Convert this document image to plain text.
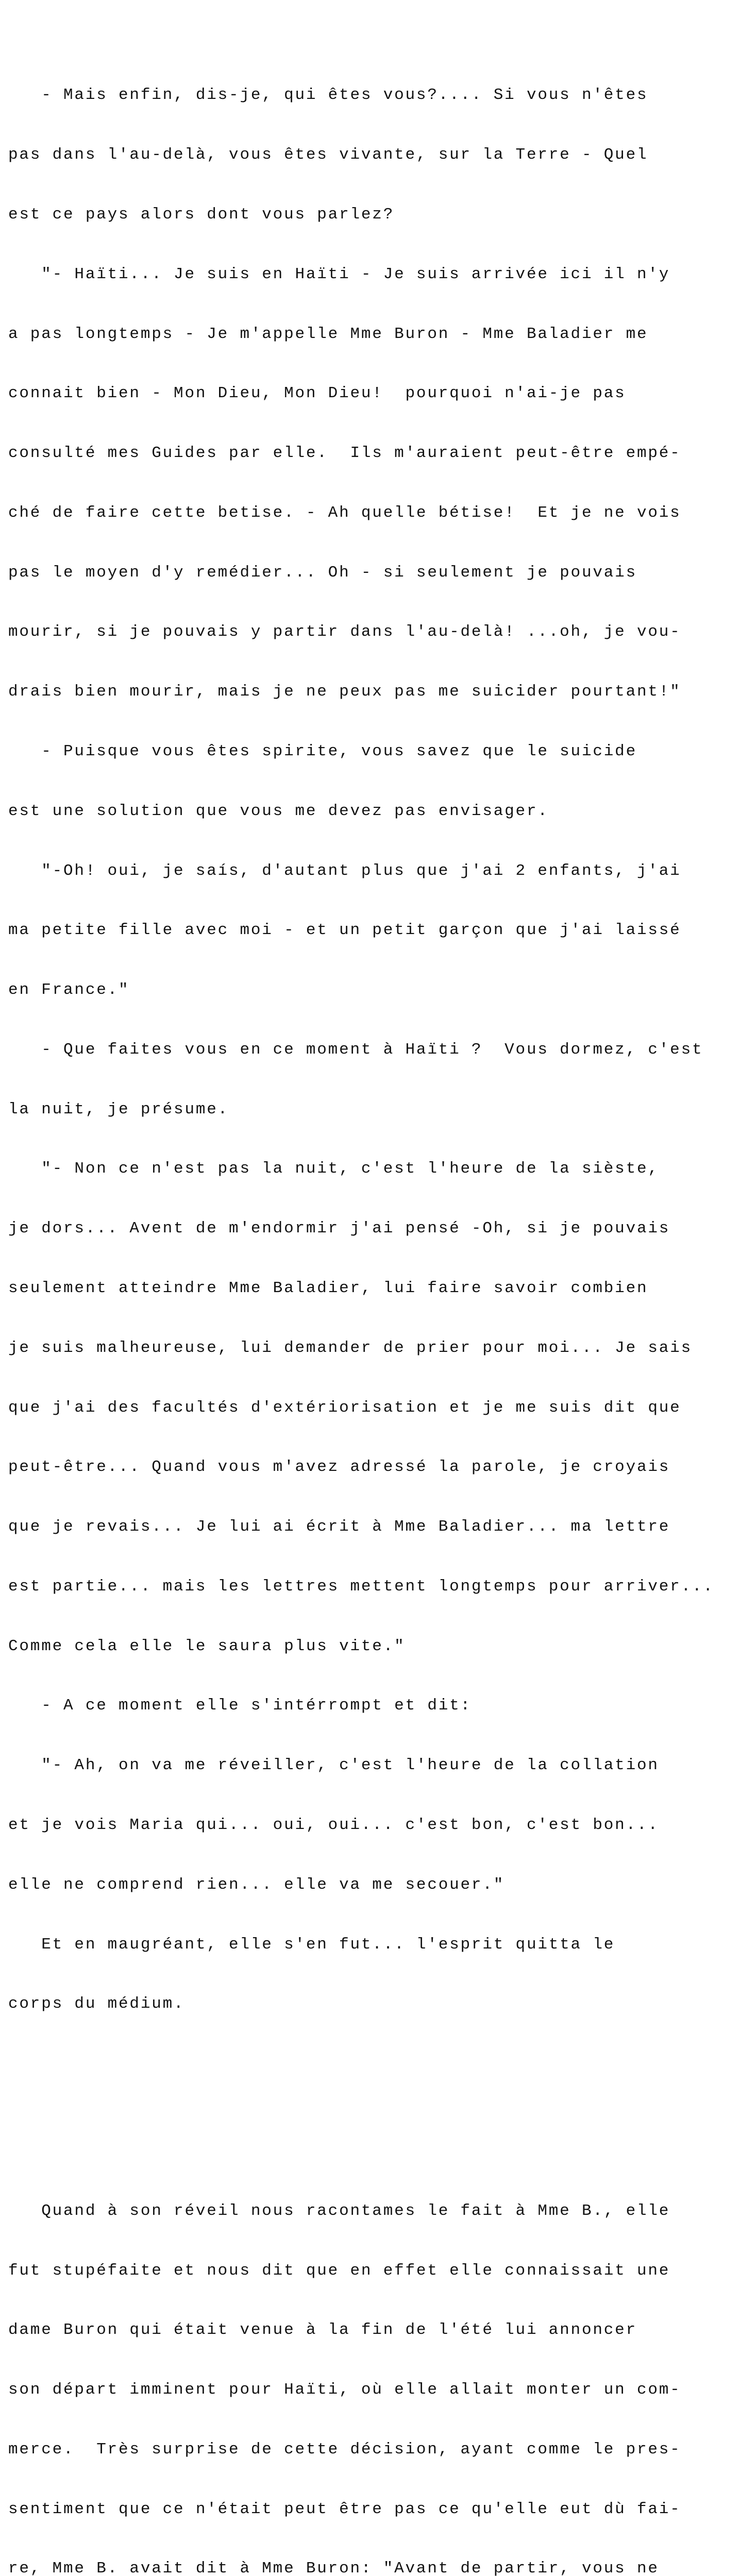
- Mais enfin, dis-je, qui êtes vous?.... Si vous n'êtes

pas dans l'au-delà, vous êtes vivante, sur la Terre - Quel

est ce pays alors dont vous parlez?

"- Haïti... Je suis en Haïti - Je suis arrivée ici il n'y

a pas longtemps - Je m'appelle Mme Buron - Mme Baladier me

connait bien - Mon Dieu, Mon Dieu!  pourquoi n'ai-je pas

consulté mes Guides par elle.  Ils m'auraient peut-être empé-

ché de faire cette betise. - Ah quelle bétise!  Et je ne vois

pas le moyen d'y remédier... Oh - si seulement je pouvais

mourir, si je pouvais y partir dans l'au-delà! ...oh, je vou-

drais bien mourir, mais je ne peux pas me suicider pourtant!"

- Puisque vous êtes spirite, vous savez que le suicide

est une solution que vous me devez pas envisager.

"-Oh! oui, je saís, d'autant plus que j'ai 2 enfants, j'ai

ma petite fille avec moi - et un petit garçon que j'ai laissé

en France."

- Que faites vous en ce moment à Haïti ?  Vous dormez, c'est

la nuit, je présume.

"- Non ce n'est pas la nuit, c'est l'heure de la sièste,

je dors... Avent de m'endormir j'ai pensé -Oh, si je pouvais

seulement atteindre Mme Baladier, lui faire savoir combien

je suis malheureuse, lui demander de prier pour moi... Je sais

que j'ai des facultés d'extériorisation et je me suis dit que

peut-être... Quand vous m'avez adressé la parole, je croyais

que je revais... Je lui ai écrit à Mme Baladier... ma lettre

est partie... mais les lettres mettent longtemps pour arriver...

Comme cela elle le saura plus vite."

- A ce moment elle s'intérrompt et dit:

"- Ah, on va me réveiller, c'est l'heure de la collation

et je vois Maria qui... oui, oui... c'est bon, c'est bon...

elle ne comprend rien... elle va me secouer."

Et en maugréant, elle s'en fut... l'esprit quitta le

corps du médium.

Quand à son réveil nous racontames le fait à Mme B., elle

fut stupéfaite et nous dit que en effet elle connaissait une

dame Buron qui était venue à la fin de l'été lui annoncer

son départ imminent pour Haïti, où elle allait monter un com-

merce.  Très surprise de cette décision, ayant comme le pres-

sentiment que ce n'était peut être pas ce qu'elle eut dù fai-

re, Mme B. avait dit à Mme Buron: "Avant de partir, vous ne
